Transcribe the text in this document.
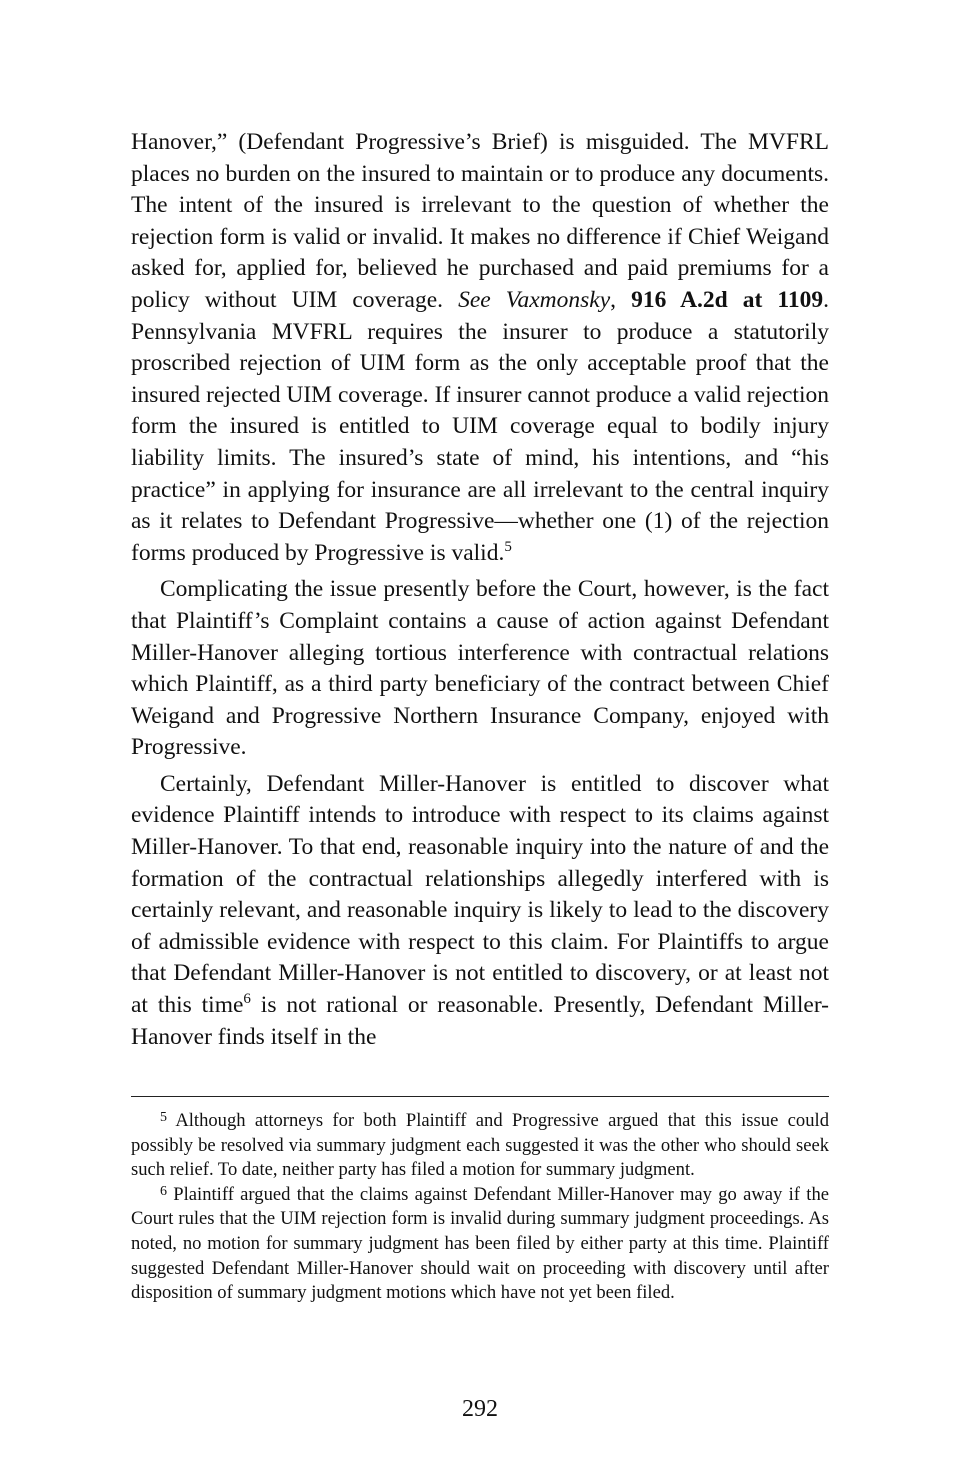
Hanover,” (Defendant Progressive’s Brief) is misguided. The MVFRL places no burden on the insured to maintain or to produce any documents. The intent of the insured is irrelevant to the question of whether the rejection form is valid or invalid. It makes no difference if Chief Weigand asked for, applied for, believed he purchased and paid premiums for a policy without UIM coverage. See Vaxmonsky, 916 A.2d at 1109. Pennsylvania MVFRL requires the insurer to produce a statutorily proscribed rejection of UIM form as the only acceptable proof that the insured rejected UIM coverage. If insurer cannot produce a valid rejection form the insured is entitled to UIM coverage equal to bodily injury liability limits. The insured’s state of mind, his intentions, and “his practice” in applying for insurance are all irrelevant to the central inquiry as it relates to Defendant Progressive—whether one (1) of the rejection forms produced by Progressive is valid.$^5$

Complicating the issue presently before the Court, however, is the fact that Plaintiff’s Complaint contains a cause of action against Defendant Miller-Hanover alleging tortious interference with contractual relations which Plaintiff, as a third party beneficiary of the contract between Chief Weigand and Progressive Northern Insurance Company, enjoyed with Progressive.

Certainly, Defendant Miller-Hanover is entitled to discover what evidence Plaintiff intends to introduce with respect to its claims against Miller-Hanover. To that end, reasonable inquiry into the nature of and the formation of the contractual relationships allegedly interfered with is certainly relevant, and reasonable inquiry is likely to lead to the discovery of admissible evidence with respect to this claim. For Plaintiffs to argue that Defendant Miller-Hanover is not entitled to discovery, or at least not at this time$^6$ is not rational or reasonable. Presently, Defendant Miller-Hanover finds itself in the

$^5$ Although attorneys for both Plaintiff and Progressive argued that this issue could possibly be resolved via summary judgment each suggested it was the other who should seek such relief. To date, neither party has filed a motion for summary judgment.

$^6$ Plaintiff argued that the claims against Defendant Miller-Hanover may go away if the Court rules that the UIM rejection form is invalid during summary judgment proceedings. As noted, no motion for summary judgment has been filed by either party at this time. Plaintiff suggested Defendant Miller-Hanover should wait on proceeding with discovery until after disposition of summary judgment motions which have not yet been filed.

292
